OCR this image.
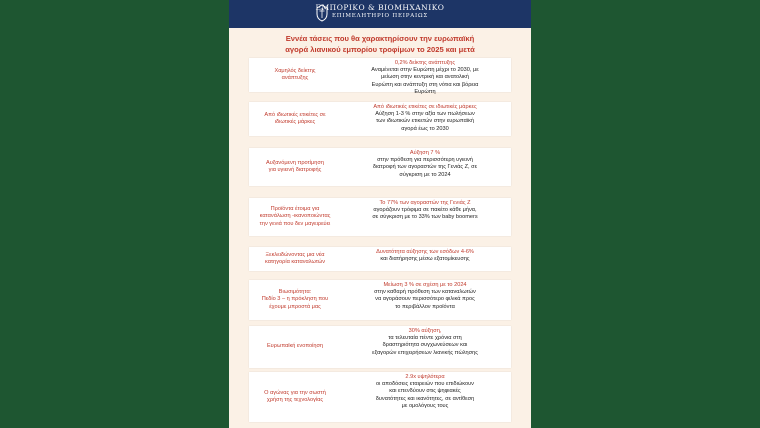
ΕΜΠΟΡΙΚΟ & ΒΙΟΜΗΧΑΝΙΚΟ
ΕΠΙΜΕΛΗΤΗΡΙΟ ΠΕΙΡΑΙΩΣ
Εννέα τάσεις που θα χαρακτηρίσουν την ευρωπαϊκή
αγορά λιανικού εμπορίου τροφίμων το 2025 και μετά
Χαμηλός δείκτης
ανάπτυξης
0,2% δείκτης ανάπτυξης
Αναμένεται στην Ευρώπη μέχρι το 2030, με
μείωση στην κεντρική και ανατολική
Ευρώπη και ανάπτυξη στη νότια και βόρεια
Ευρώπη
Από ιδιωτικές ετικέτες σε
ιδιωτικές μάρκες
Από ιδιωτικές ετικέτες σε ιδιωτικές μάρκες
Αύξηση 1-3 % στην αξία των πωλήσεων
των ιδιωτικών ετικετών στην ευρωπαϊκή
αγορά έως το 2030
Αυξανόμενη προτίμηση
για υγιεινή διατροφής
Αύξηση 7 %
στην πρόθεση για περισσότερη υγιεινή
διατροφή των αγοραστών της Γενιάς Ζ, σε
σύγκριση με το 2024
Προϊόντα έτοιμα για
κατανάλωση -ικανοποιώντας
την γενιά που δεν μαγειρεύει
Το 77% των αγοραστών της Γενιάς Ζ
αγοράζουν τρόφιμα σε πακέτο κάθε μήνα,
σε σύγκριση με το 33% των baby boomers
Ξεκλειδώνοντας μια νέα
κατηγορία καταναλωτών
Δυνατότητα αύξησης των εσόδων 4-6%
και διατήρησης μέσω εξατομίκευσης
Βιωσιμότητα:
Πεδίο 3 – η πρόκληση που
έχουμε μπροστά μας
Μείωση 3 % σε σχέση με το 2024
στην καθαρή πρόθεση των καταναλωτών
να αγοράσουν περισσότερο φιλικά προς
το περιβάλλον προϊόντα
Ευρωπαϊκή ενοποίηση
30% αύξηση,
τα τελευταία πέντε χρόνια στη
δραστηριότητα συγχωνεύσεων και
εξαγορών επιχειρήσεων λιανικής πώλησης
Ο αγώνας για την σωστή
χρήση της τεχνολογίας
2.9x υψηλότερα
οι αποδόσεις εταιρειών που επιδιώκουν
και επενδύουν στις ψηφιακές
δυνατότητες και ικανότητες, σε αντίθεση
με ομολόγους τους
